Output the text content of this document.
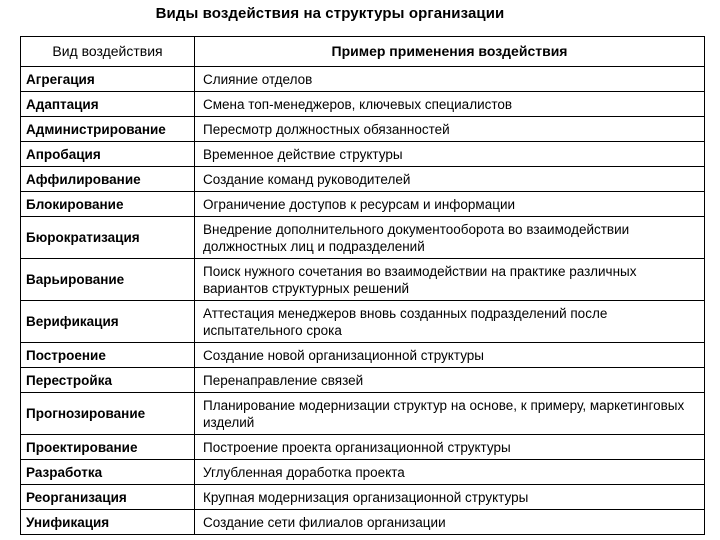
Виды воздействия на структуры организации
Вид воздействия	Пример применения воздействия
Агрегация	Слияние отделов
Адаптация	Смена топ-менеджеров, ключевых специалистов
Администрирование	Пересмотр должностных обязанностей
Апробация	Временное действие структуры
Аффилирование	Создание команд руководителей
Блокирование	Ограничение доступов к ресурсам и информации
Бюрократизация	Внедрение дополнительного документооборота во взаимодействии должностных лиц и подразделений
Варьирование	Поиск нужного сочетания во взаимодействии на практике различных вариантов структурных решений
Верификация	Аттестация менеджеров вновь созданных подразделений после испытательного срока
Построение	Создание новой организационной структуры
Перестройка	Перенаправление связей
Прогнозирование	Планирование модернизации структур на основе, к примеру, маркетинговых изделий
Проектирование	Построение проекта организационной структуры
Разработка	Углубленная доработка проекта
Реорганизация	Крупная модернизация организационной структуры
Унификация	Создание сети филиалов организации
